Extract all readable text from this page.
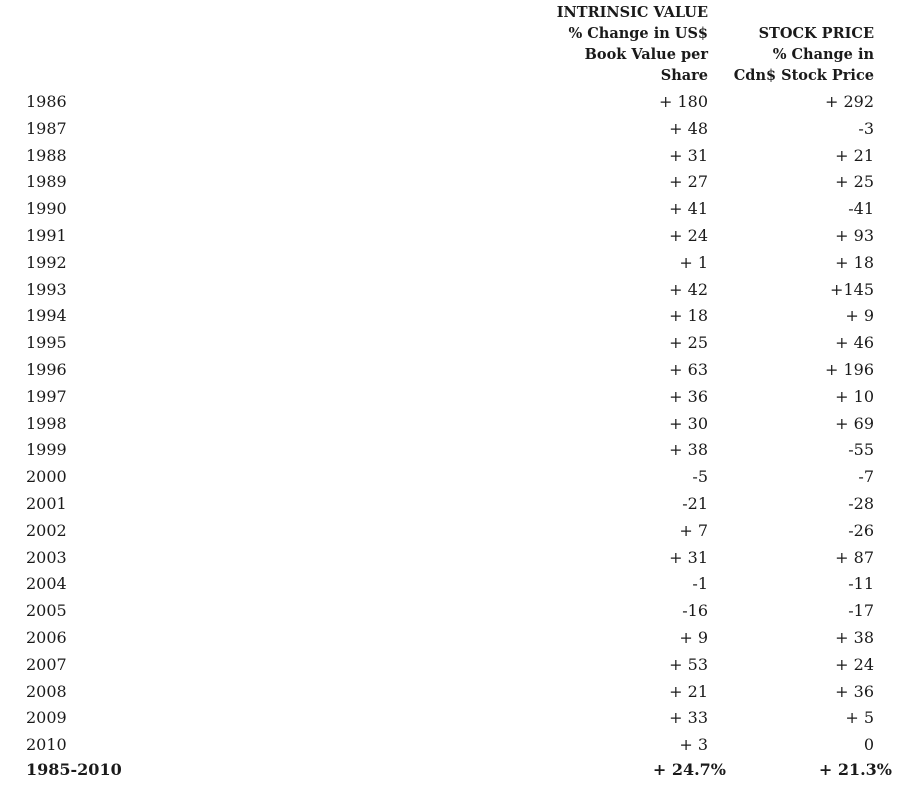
INTRINSIC VALUE
% Change in US$
Book Value per
Share
STOCK PRICE
% Change in
Cdn$ Stock Price
1986	+ 180	+ 292
1987	+ 48	-3
1988	+ 31	+ 21
1989	+ 27	+ 25
1990	+ 41	-41
1991	+ 24	+ 93
1992	+ 1	+ 18
1993	+ 42	+145
1994	+ 18	+ 9
1995	+ 25	+ 46
1996	+ 63	+ 196
1997	+ 36	+ 10
1998	+ 30	+ 69
1999	+ 38	-55
2000	-5	-7
2001	-21	-28
2002	+ 7	-26
2003	+ 31	+ 87
2004	-1	-11
2005	-16	-17
2006	+ 9	+ 38
2007	+ 53	+ 24
2008	+ 21	+ 36
2009	+ 33	+ 5
2010	+ 3	0
1985-2010	+ 24.7%	+ 21.3%
